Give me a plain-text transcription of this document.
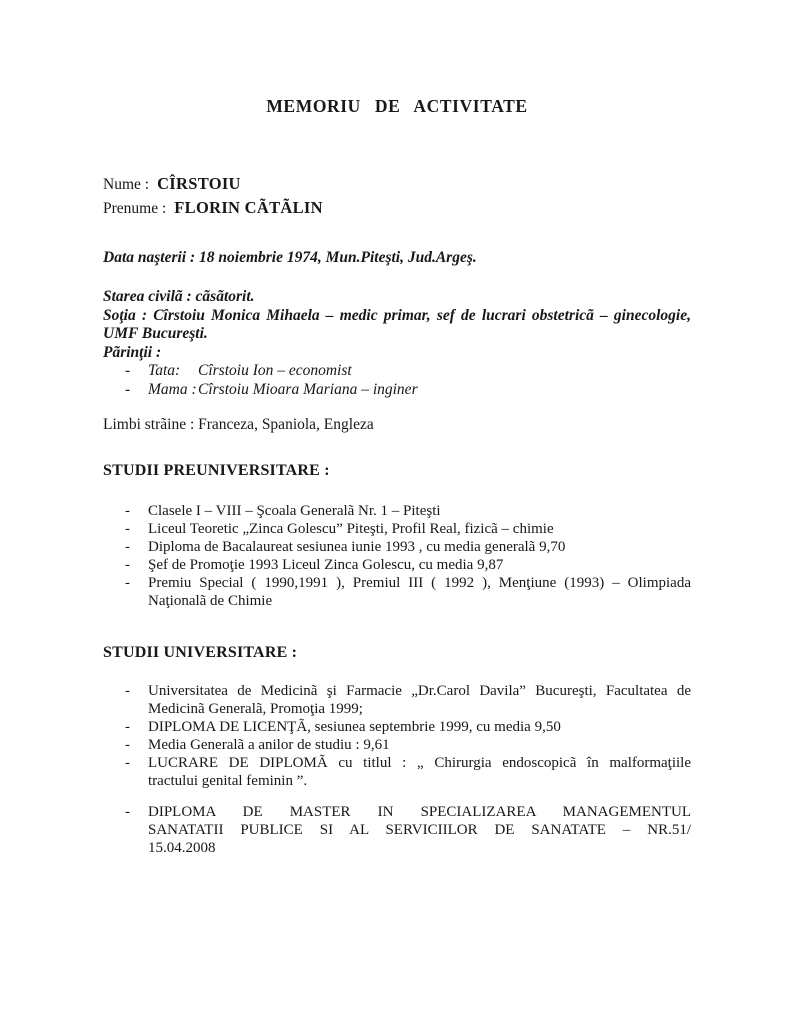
MEMORIU DE ACTIVITATE
Nume : CÎRSTOIU
Prenume : FLORIN CÃTÃLIN
Data naşterii : 18 noiembrie 1974, Mun.Piteşti, Jud.Argeş.
Starea civilã : cãsãtorit.
Soţia : Cîrstoiu Monica Mihaela – medic primar, sef de lucrari obstetricã – ginecologie,
UMF Bucureşti.
Pãrinţii :
-	Tata:	Cîrstoiu Ion – economist
-	Mama : Cîrstoiu Mioara Mariana – inginer
Limbi strãine : Franceza, Spaniola, Engleza
STUDII PREUNIVERSITARE :
-	Clasele I – VIII – Şcoala Generalã Nr. 1 – Piteşti
-	Liceul Teoretic „Zinca Golescu” Piteşti, Profil Real, fizicã – chimie
-	Diploma de Bacalaureat sesiunea iunie 1993 , cu media generalã 9,70
-	Şef de Promoţie 1993 Liceul Zinca Golescu, cu media 9,87
-	Premiu Special ( 1990,1991 ), Premiul III ( 1992 ), Menţiune (1993) – Olimpiada
Naţionalã de Chimie
STUDII UNIVERSITARE :
-	Universitatea de Medicinã şi Farmacie „Dr.Carol Davila” Bucureşti, Facultatea de
Medicinã Generalã, Promoţia 1999;
-	DIPLOMA DE LICENŢÃ, sesiunea septembrie 1999, cu media 9,50
-	Media Generalã a anilor de studiu : 9,61
-	LUCRARE DE DIPLOMÃ cu titlul : „ Chirurgia endoscopicã în malformaţiile
tractului genital feminin ”.
-	DIPLOMA DE MASTER IN SPECIALIZAREA MANAGEMENTUL
SANATATII PUBLICE SI AL SERVICIILOR DE SANATATE – NR.51/
15.04.2008
